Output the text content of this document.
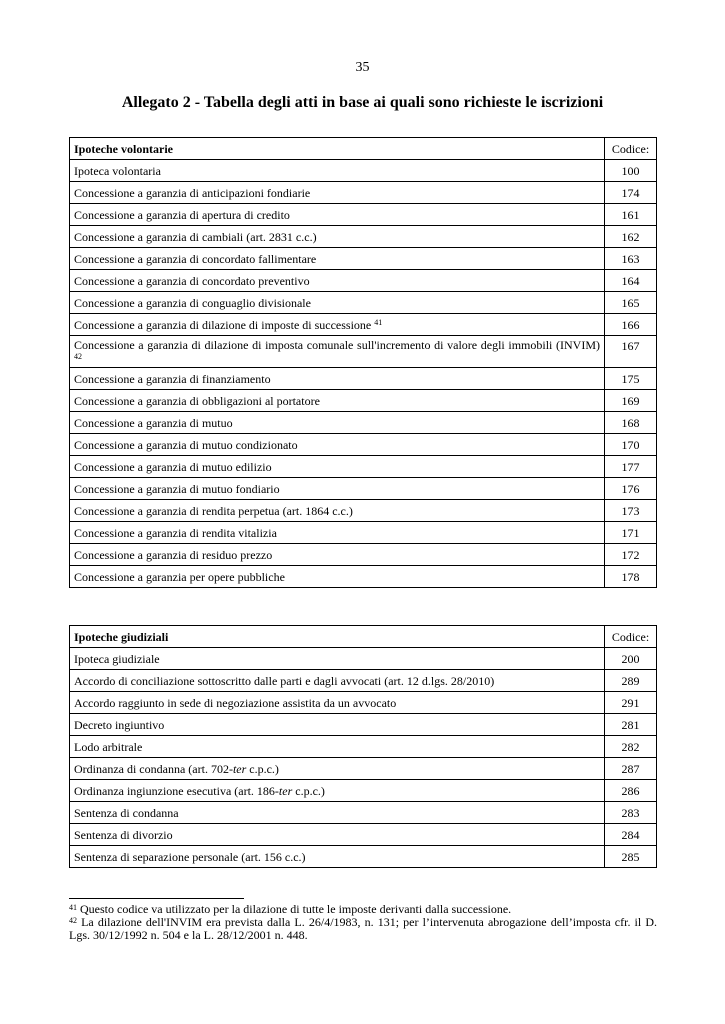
35
Allegato 2 - Tabella degli atti in base ai quali sono richieste le iscrizioni
Ipoteche volontarie	Codice:
Ipoteca volontaria	100
Concessione a garanzia di anticipazioni fondiarie	174
Concessione a garanzia di apertura di credito	161
Concessione a garanzia di cambiali (art. 2831 c.c.)	162
Concessione a garanzia di concordato fallimentare	163
Concessione a garanzia di concordato preventivo	164
Concessione a garanzia di conguaglio divisionale	165
Concessione a garanzia di dilazione di imposte di successione $^{41}$	166
Concessione a garanzia di dilazione di imposta comunale sull'incremento di valore degli immobili (INVIM) $^{42}$	167
Concessione a garanzia di finanziamento	175
Concessione a garanzia di obbligazioni al portatore	169
Concessione a garanzia di mutuo	168
Concessione a garanzia di mutuo condizionato	170
Concessione a garanzia di mutuo edilizio	177
Concessione a garanzia di mutuo fondiario	176
Concessione a garanzia di rendita perpetua (art. 1864 c.c.)	173
Concessione a garanzia di rendita vitalizia	171
Concessione a garanzia di residuo prezzo	172
Concessione a garanzia per opere pubbliche	178
Ipoteche giudiziali	Codice:
Ipoteca giudiziale	200
Accordo di conciliazione sottoscritto dalle parti e dagli avvocati (art. 12 d.lgs. 28/2010)	289
Accordo raggiunto in sede di negoziazione assistita da un avvocato	291
Decreto ingiuntivo	281
Lodo arbitrale	282
Ordinanza di condanna (art. 702-ter c.p.c.)	287
Ordinanza ingiunzione esecutiva (art. 186-ter c.p.c.)	286
Sentenza di condanna	283
Sentenza di divorzio	284
Sentenza di separazione personale (art. 156 c.c.)	285

$^{41}$ Questo codice va utilizzato per la dilazione di tutte le imposte derivanti dalla successione.

$^{42}$ La dilazione dell'INVIM era prevista dalla L. 26/4/1983, n. 131; per l’intervenuta abrogazione dell’imposta cfr. il D. Lgs. 30/12/1992 n. 504 e la L. 28/12/2001 n. 448.
